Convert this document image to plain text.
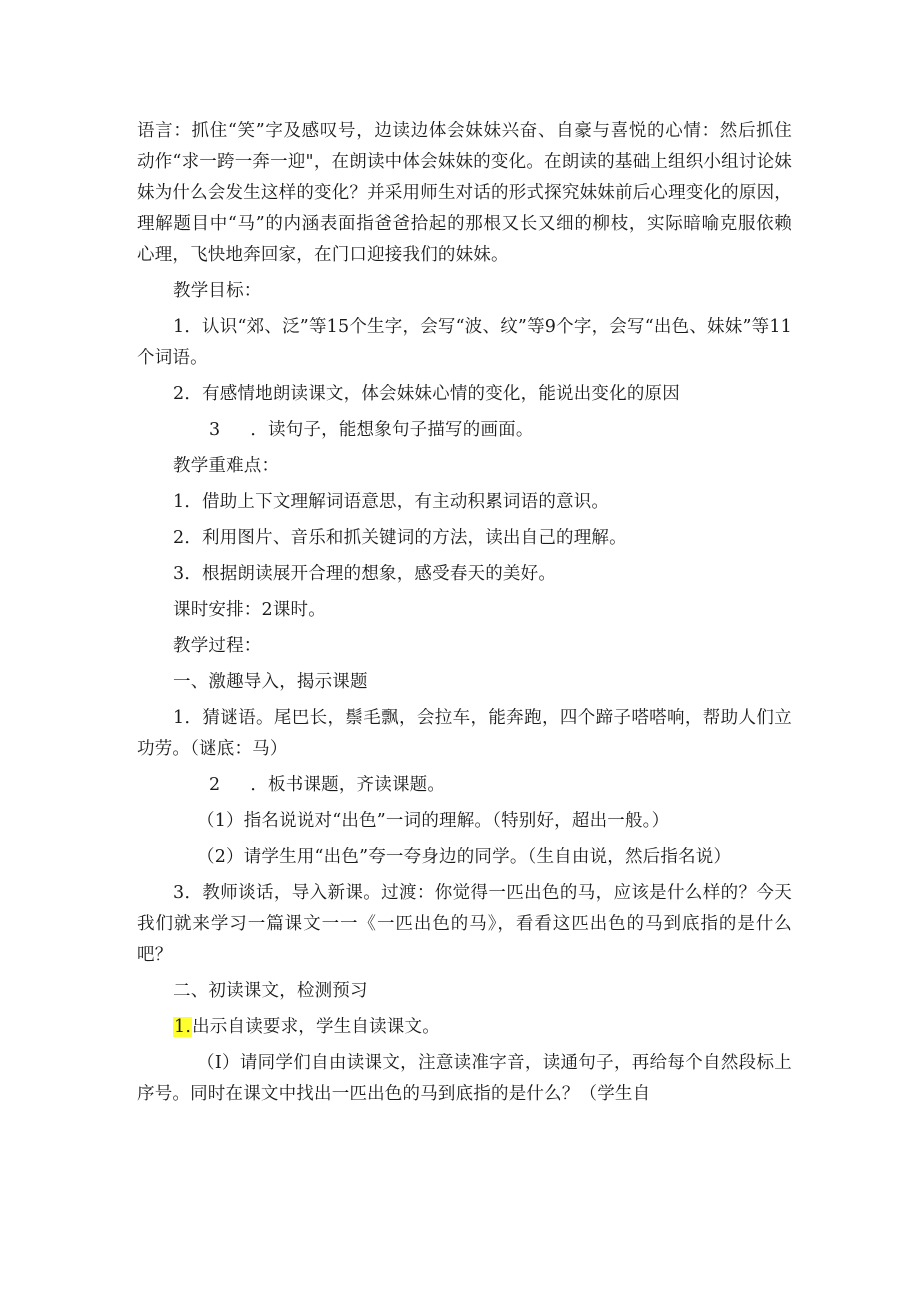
语言：抓住“笑”字及感叹号，边读边体会妹妹兴奋、自豪与喜悦的心情：然后抓住动作“求一跨一奔一迎"，在朗读中体会妹妹的变化。在朗读的基础上组织小组讨论妹妹为什么会发生这样的变化？并采用师生对话的形式探究妹妹前后心理变化的原因，理解题目中“马”的内涵表面指爸爸拾起的那根又长又细的柳枝，实际暗喻克服依赖心理，飞快地奔回家，在门口迎接我们的妹妹。

教学目标：

1．认识“郊、泛”等15个生字，会写“波、纹”等9个字，会写“出色、妹妹”等11个词语。

2．有感情地朗读课文，体会妹妹心情的变化，能说出变化的原因

3 ．读句子，能想象句子描写的画面。

教学重难点：

1．借助上下文理解词语意思，有主动积累词语的意识。

2．利用图片、音乐和抓关键词的方法，读出自己的理解。

3．根据朗读展开合理的想象，感受春天的美好。

课时安排：2课时。

教学过程：

一、激趣导入，揭示课题

1．猜谜语。尾巴长，鬃毛飘，会拉车，能奔跑，四个蹄子嗒嗒响，帮助人们立功劳。（谜底：马）

2 ．板书课题，齐读课题。

（1）指名说说对“出色”一词的理解。（特别好，超出一般。）

（2）请学生用“出色”夸一夸身边的同学。（生自由说，然后指名说）

3．教师谈话，导入新课。过渡：你觉得一匹出色的马，应该是什么样的？今天我们就来学习一篇课文一一《一匹出色的马》，看看这匹出色的马到底指的是什么吧？

二、初读课文，检测预习

1.出示自读要求，学生自读课文。

（I）请同学们自由读课文，注意读准字音，读通句子，再给每个自然段标上序号。同时在课文中找出一匹出色的马到底指的是什么？（学生自
